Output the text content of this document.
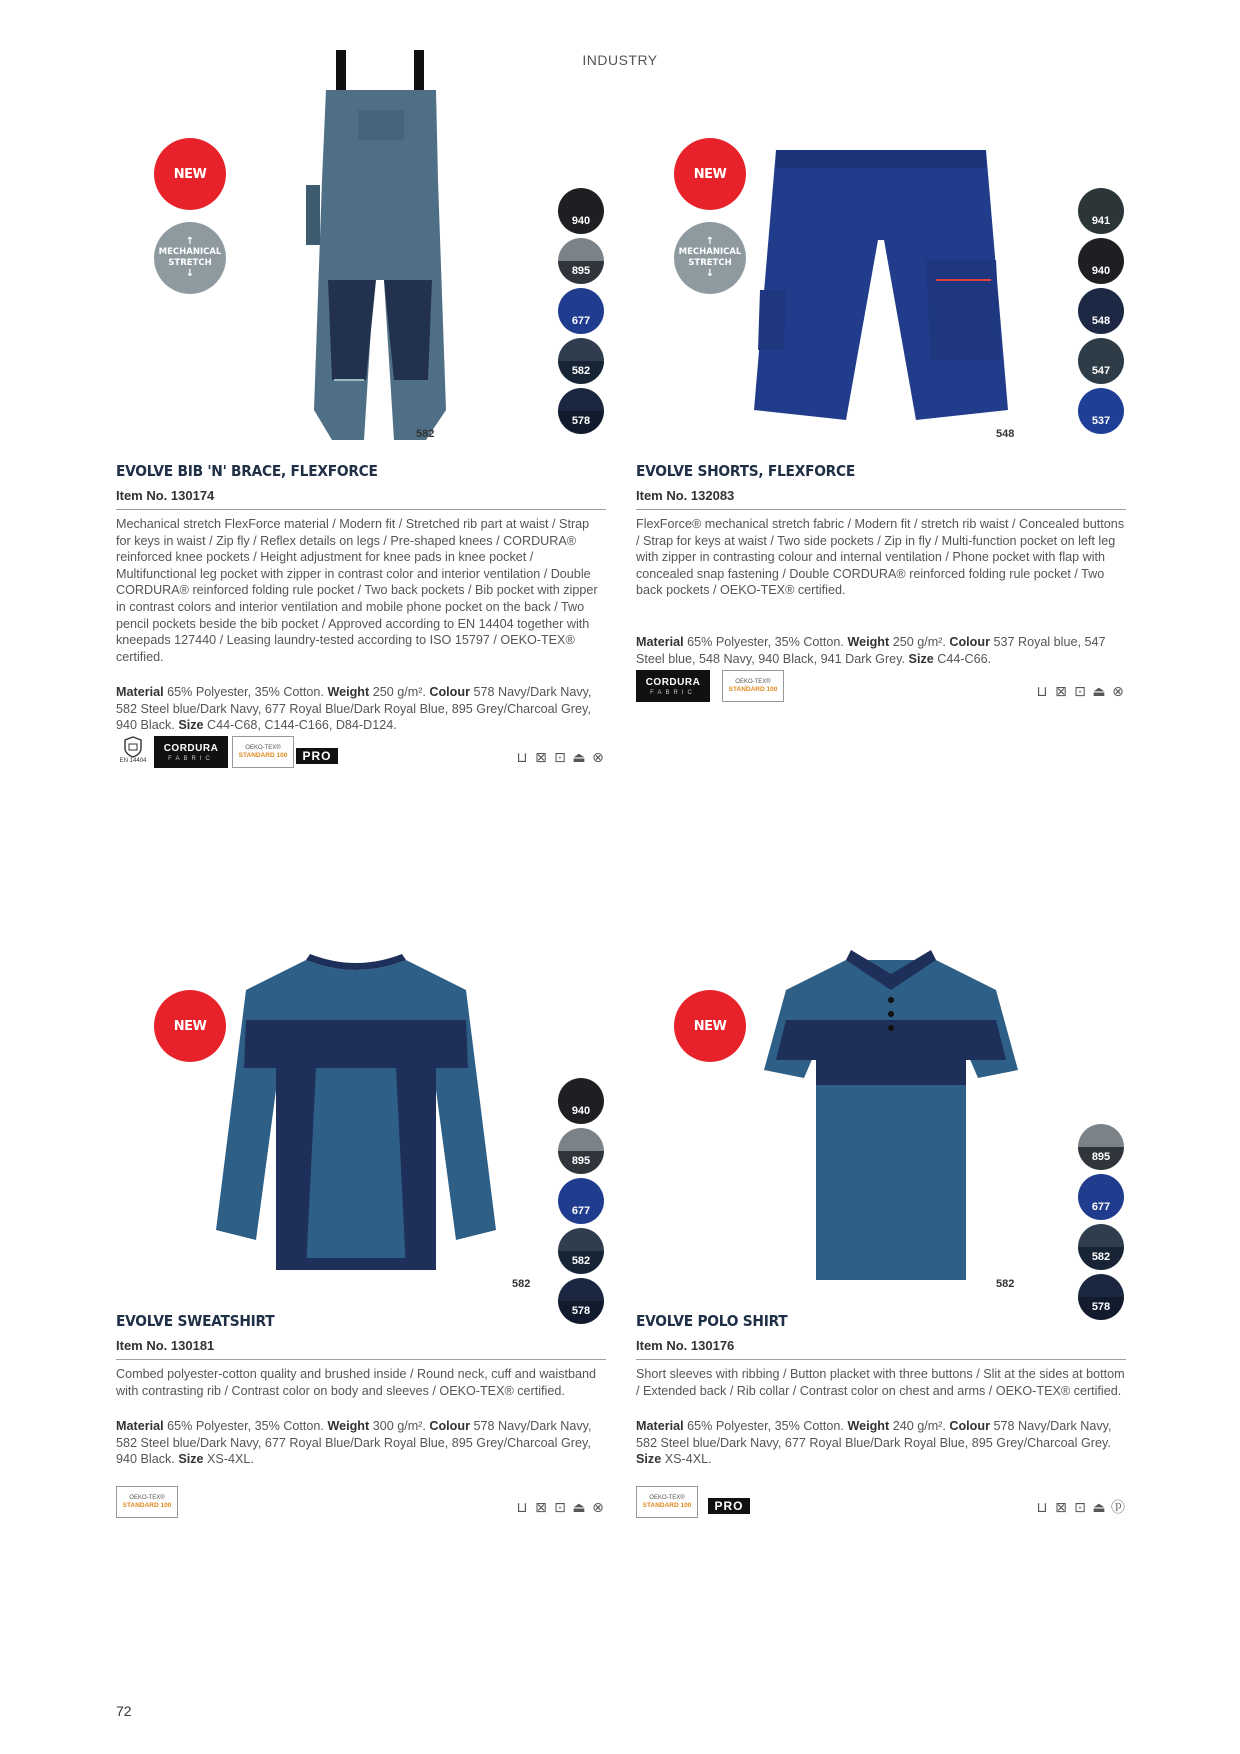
INDUSTRY
NEW
↑
MECHANICAL
STRETCH
↓
582
940
895
677
582
578
EVOLVE BIB 'N' BRACE, FLEXFORCE
Item No. 130174
Mechanical stretch FlexForce material / Modern fit / Stretched rib part at waist / Strap for keys in waist / Zip fly / Reflex details on legs / Pre-shaped knees / CORDURA® reinforced knee pockets / Height adjustment for knee pads in knee pocket / Multifunctional leg pocket with zipper in contrast color and interior ventilation / Double CORDURA® reinforced folding rule pocket / Two back pockets / Bib pocket with zipper in contrast colors and interior ventilation and mobile phone pocket on the back / Two pencil pockets beside the bib pocket / Approved according to EN 14404 together with kneepads 127440 / Leasing laundry-tested according to ISO 15797 / OEKO-TEX® certified.
Material 65% Polyester, 35% Cotton. Weight 250 g/m². Colour 578 Navy/Dark Navy, 582 Steel blue/Dark Navy, 677 Royal Blue/Dark Royal Blue, 895 Grey/Charcoal Grey, 940 Black. Size C44-C68, C144-C166, D84-D124.
EN 14404
CORDURA
FABRIC
OEKO-TEX®
STANDARD 100	PRO	⊔ ⊠ ⊡ ⏏ ⊗
NEW
↑
MECHANICAL
STRETCH
↓
548
941
940
548
547
537
EVOLVE SHORTS, FLEXFORCE
Item No. 132083
FlexForce® mechanical stretch fabric / Modern fit / stretch rib waist / Concealed buttons / Strap for keys at waist / Two side pockets / Zip in fly / Multi-function pocket on left leg with zipper in contrasting colour and internal ventilation / Phone pocket with flap with concealed snap fastening / Double CORDURA® reinforced folding rule pocket / Two back pockets / OEKO-TEX® certified.
Material 65% Polyester, 35% Cotton. Weight 250 g/m². Colour 537 Royal blue, 547 Steel blue, 548 Navy, 940 Black, 941 Dark Grey. Size C44-C66.
CORDURA
FABRIC
OEKO-TEX®
STANDARD 100	⊔ ⊠ ⊡ ⏏ ⊗
NEW
582
940
895
677
582
578
EVOLVE SWEATSHIRT
Item No. 130181
Combed polyester-cotton quality and brushed inside / Round neck, cuff and waistband with contrasting rib / Contrast color on body and sleeves / OEKO-TEX® certified.
Material 65% Polyester, 35% Cotton. Weight 300 g/m². Colour 578 Navy/Dark Navy, 582 Steel blue/Dark Navy, 677 Royal Blue/Dark Royal Blue, 895 Grey/Charcoal Grey, 940 Black. Size XS-4XL.
OEKO-TEX®
STANDARD 100	⊔ ⊠ ⊡ ⏏ ⊗
NEW
582
895
677
582
578
EVOLVE POLO SHIRT
Item No. 130176
Short sleeves with ribbing / Button placket with three buttons / Slit at the sides at bottom / Extended back / Rib collar / Contrast color on chest and arms / OEKO-TEX® certified.
Material 65% Polyester, 35% Cotton. Weight 240 g/m². Colour 578 Navy/Dark Navy, 582 Steel blue/Dark Navy, 677 Royal Blue/Dark Royal Blue, 895 Grey/Charcoal Grey. Size XS-4XL.
OEKO-TEX®
STANDARD 100	PRO	⊔ ⊠ ⊡ ⏏ ⓟ
72
